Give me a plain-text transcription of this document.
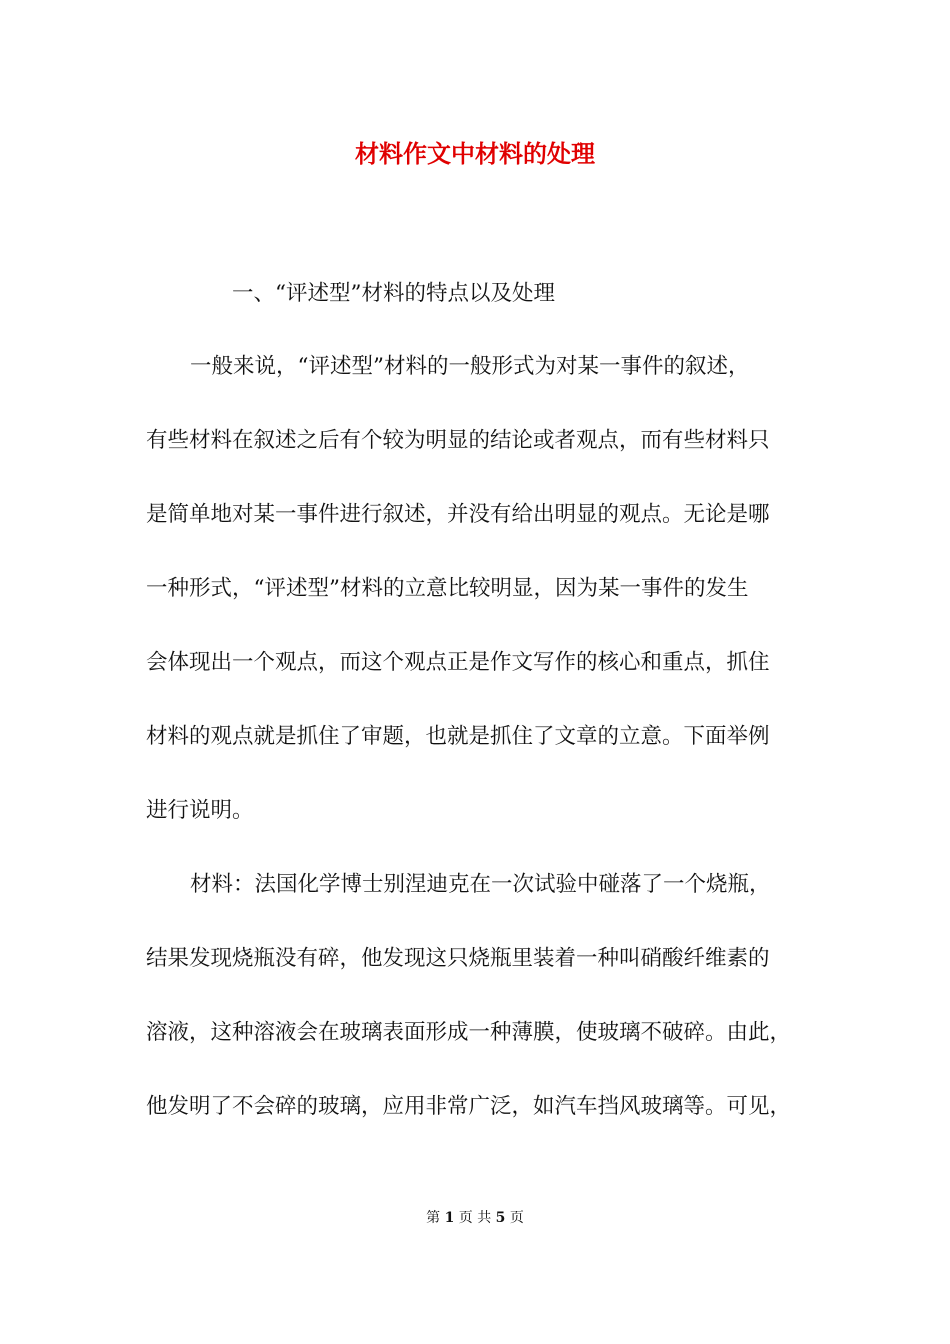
材料作文中材料的处理
一、“评述型”材料的特点以及处理
一般来说，“评述型”材料的一般形式为对某一事件的叙述，
有些材料在叙述之后有个较为明显的结论或者观点，而有些材料只
是简单地对某一事件进行叙述，并没有给出明显的观点。无论是哪
一种形式，“评述型”材料的立意比较明显，因为某一事件的发生
会体现出一个观点，而这个观点正是作文写作的核心和重点，抓住
材料的观点就是抓住了审题，也就是抓住了文章的立意。下面举例
进行说明。
材料：法国化学博士别涅迪克在一次试验中碰落了一个烧瓶，
结果发现烧瓶没有碎，他发现这只烧瓶里装着一种叫硝酸纤维素的
溶液，这种溶液会在玻璃表面形成一种薄膜，使玻璃不破碎。由此，
他发明了不会碎的玻璃，应用非常广泛，如汽车挡风玻璃等。可见，
第 1 页 共 5 页
